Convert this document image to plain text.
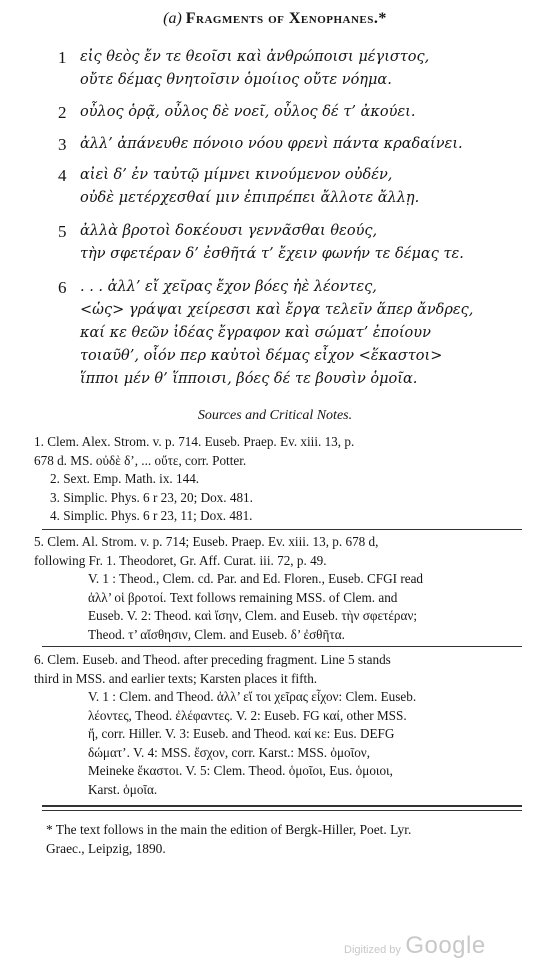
(a) Fragments of Xenophanes.*
1 εἰς θεὸς ἔν τε θεοῖσι καὶ ἀνθρώποισι μέγιστος,
οὔτε δέμας θνητοῖσιν ὁμοίιος οὔτε νόημα.
2 οὖλος ὁρᾷ, οὖλος δὲ νοεῖ, οὖλος δέ τ’ ἀκούει.
3 ἀλλ’ ἀπάνευθε πόνοιο νόου φρενὶ πάντα κραδαίνει.
4 αἰεὶ δ’ ἐν ταὐτῷ μίμνει κινούμενον οὐδέν,
οὐδὲ μετέρχεσθαί μιν ἐπιπρέπει ἄλλοτε ἄλλῃ.
5 ἀλλὰ βροτοὶ δοκέουσι γεννᾶσθαι θεούς,
τὴν σφετέραν δ’ ἐσθῆτά τ’ ἔχειν φωνήν τε δέμας τε.
6 . . . ἀλλ’ εἴ χεῖρας ἔχον βόες ἠὲ λέοντες,
<ὡς> γράψαι χείρεσσι καὶ ἔργα τελεῖν ἅπερ ἄνδρες,
καί κε θεῶν ἰδέας ἔγραφον καὶ σώματ’ ἐποίουν
τοιαῦθ’, οἷόν περ καὐτοὶ δέμας εἶχον <ἕκαστοι>
ἵπποι μέν θ’ ἵπποισι, βόες δέ τε βουσὶν ὁμοῖα.
Sources and Critical Notes.
1. Clem. Alex. Strom. v. p. 714. Euseb. Praep. Ev. xiii. 13, p.
678 d. MS. οὐδὲ δ’, ... οὔτε, corr. Potter.
2. Sext. Emp. Math. ix. 144.
3. Simplic. Phys. 6 r 23, 20; Dox. 481.
4. Simplic. Phys. 6 r 23, 11; Dox. 481.
5. Clem. Al. Strom. v. p. 714; Euseb. Praep. Ev. xiii. 13, p. 678 d,
following Fr. 1. Theodoret, Gr. Aff. Curat. iii. 72, p. 49.
V. 1 : Theod., Clem. cd. Par. and Ed. Floren., Euseb. CFGI read
ἀλλ’ οἱ βροτοί. Text follows remaining MSS. of Clem. and
Euseb. V. 2: Theod. καὶ ἴσην, Clem. and Euseb. τὴν σφετέραν;
Theod. τ’ αἴσθησιν, Clem. and Euseb. δ’ ἐσθῆτα.
6. Clem. Euseb. and Theod. after preceding fragment. Line 5 stands
third in MSS. and earlier texts; Karsten places it fifth.
V. 1 : Clem. and Theod. ἀλλ’ εἴ τοι χεῖρας εἶχον: Clem. Euseb.
λέοντες, Theod. ἐλέφαντες. V. 2: Euseb. FG καί, other MSS.
ἤ, corr. Hiller. V. 3: Euseb. and Theod. καί κε: Eus. DEFG
δώματ’. V. 4: MSS. ἔσχον, corr. Karst.: MSS. ὁμοῖον,
Meineke ἕκαστοι. V. 5: Clem. Theod. ὁμοῖοι, Eus. ὁμοιοι,
Karst. ὁμοῖα.
* The text follows in the main the edition of Bergk-Hiller, Poet. Lyr.
Graec., Leipzig, 1890.
Digitized by Google
